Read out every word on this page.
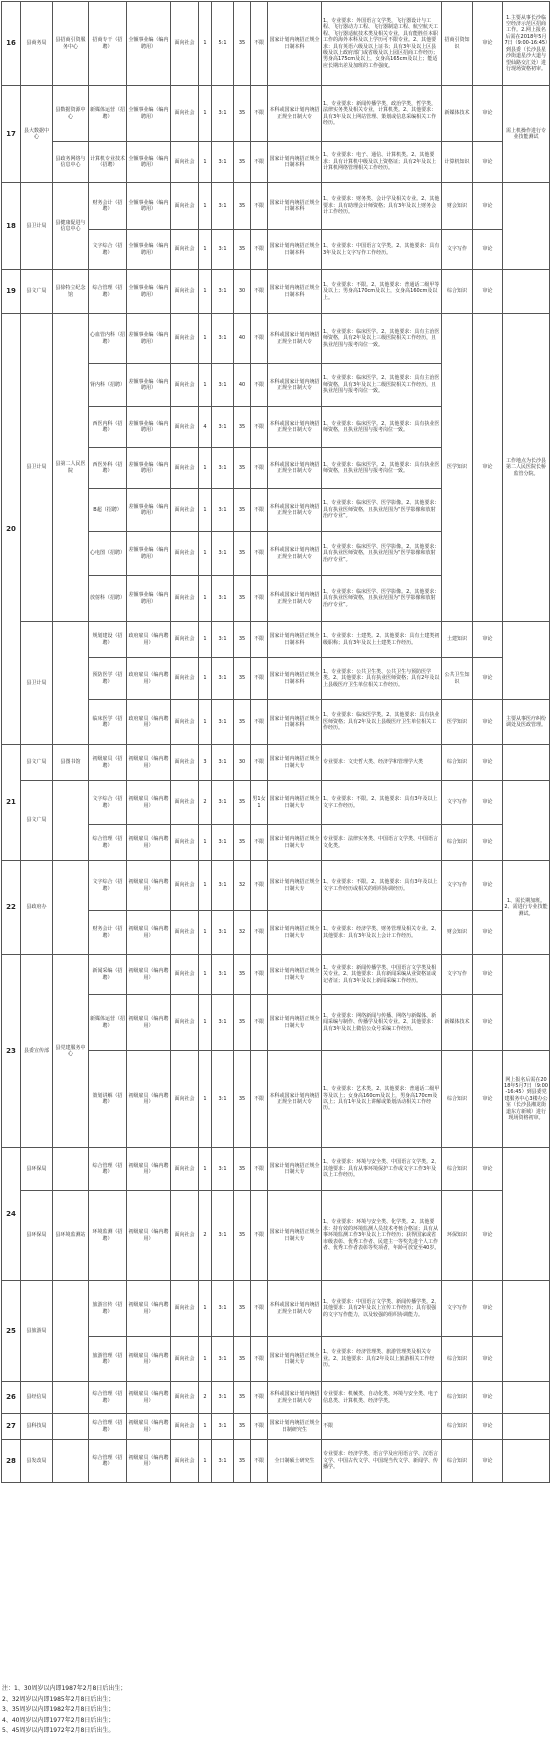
16	县商务局	县招商引资服务中心	招商专干（招聘）	全额事业编（编内聘用）	面向社会	1	5:1	35	不限	国家计划内统招正规全日制本科	1、专业要求：外国语言文学类，飞行器设计与工程、飞行器动力工程、飞行器制造工程、航空航天工程、飞行器适航技术类及相关专业，具有能胜任本职工作的海外本科及以上学历可不限专业。2、其他要求：具有英语六级及以上证书；具有3年及以上区县级及以上政府部门或省级及以上园区招商工作经历；男身高175cm及以上，女身高165cm及以上；能适应长期出差及加班的工作强度。	招商引资知识	审论	1.主要从事长沙临空经济示范区招商工作。2.网上报名后需在2018年5月7日（9:00-16:45）到县委（长沙县星沙街道星沙大道与望仙路交汇处）进行现场资格初审。
17	县大数据中心	县数据资源中心	新媒体运营（招聘）	全额事业编（编内聘用）	面向社会	1	3:1	35	不限	本科或国家计划内统招正规全日制大专	1、专业要求：新闻传播学类，政治学类，哲学类，法律实务类及相关专业，计算机类。2、其他要求：具有3年及以上网站管理、策划或信息采编相关工作经历。	新媒体技术	审论	需上机操作进行专业技能测试
		县政务网络与信息中心	计算机专业技术（招聘）	全额事业编（编内聘用）	面向社会	1	3:1	35	不限	国家计划内统招正规全日制本科	1、专业要求：电子、通信、计算机类。2、其他要求：具有计算机中级及以上资格证；具有2年及以上计算机网络管理相关工作经历。	计算机知识	审论	
18	县卫计局	县健康促进与信息中心	财务会计（招聘）	全额事业编（编内聘用）	面向社会	1	3:1	35	不限	国家计划内统招正规全日制本科	1、专业要求：财务类、会计学及相关专业。2、其他要求：具有助理会计师资格；具有3年及以上财务会计工作经历。	财会知识	审论	
			文字综合（招聘）	全额事业编（编内聘用）	面向社会	1	3:1	35	不限	国家计划内统招正规全日制本科	1、专业要求：中国语言文学类。2、其他要求：具有3年及以上文字写作工作经历。	文字写作	审论	
19	县文广局	县徐特立纪念馆	综合管理（招聘）	全额事业编（编内聘用）	面向社会	1	3:1	30	不限	国家计划内统招正规全日制本科	1、专业要求：不限。2、其他要求：普通话二级甲等及以上；男身高170cm及以上，女身高160cm及以上。	综合知识	审论	
20	县卫计局	县第二人民医院	心血管内科（招聘）	差额事业编（编内聘用）	面向社会	1	3:1	40	不限	本科或国家计划内统招正规全日制大专	1、专业要求：临床医学。2、其他要求：具有主治医师资格，具有2年及以上三级医院相关工作经历，且执业范围与报考岗位一致。	医学知识	审论	工作地点为长沙县第二人民医院长桥监管分院。
			肾内科（招聘）	差额事业编（编内聘用）	面向社会	1	3:1	40	不限	本科或国家计划内统招正规全日制大专	1、专业要求：临床医学。2、其他要求：具有主治医师资格，具有3年及以上二级医院相关工作经历，且执业范围与报考岗位一致。			
			西医内科（招聘）	差额事业编（编内聘用）	面向社会	4	3:1	35	不限	本科或国家计划内统招正规全日制大专	1、专业要求：临床医学。2、其他要求：具有执业医师资格，且执业范围与报考岗位一致。			
			西医外科（招聘）	差额事业编（编内聘用）	面向社会	1	3:1	35	不限	本科或国家计划内统招正规全日制大专	1、专业要求：临床医学。2、其他要求：具有执业医师资格，且执业范围与报考岗位一致。			
			B超（招聘）	差额事业编（编内聘用）	面向社会	1	3:1	35	不限	本科或国家计划内统招正规全日制大专	1、专业要求：临床医学、医学影像。2、其他要求：具有执业医师资格，且执业范围为“医学影像和放射治疗专业”。			
			心电图（招聘）	差额事业编（编内聘用）	面向社会	1	3:1	35	不限	本科或国家计划内统招正规全日制大专	1、专业要求：临床医学、医学影像。2、其他要求：具有执业医师资格，且执业范围为“医学影像和放射治疗专业”。			
			放射科（招聘）	差额事业编（编内聘用）	面向社会	1	3:1	35	不限	本科或国家计划内统招正规全日制大专	1、专业要求：临床医学、医学影像。2、其他要求：具有执业医师资格，且执业范围为“医学影像和放射治疗专业”。			
	县卫计局		规划建设（招聘）	政府雇员（编内聘用）	面向社会	1	3:1	35	不限	国家计划内统招正规全日制本科	1、专业要求：土建类。2、其他要求：具有土建类初级职称；具有3年及以上土建类工作经历。	土建知识	审论	
			预防医学（招聘）	政府雇员（编内聘用）	面向社会	1	3:1	35	不限	国家计划内统招正规全日制本科	1、专业要求：公共卫生类、公共卫生与预防医学类。2、其他要求：具有执业医师资格；具有2年及以上县级医疗卫生单位相关工作经历。	公共卫生知识	审论	
			临床医学（招聘）	政府雇员（编内聘用）	面向社会	1	3:1	35	不限	国家计划内统招正规全日制本科	1、专业要求：临床医学类。2、其他要求：具有执业医师资格；具有2年及以上县级医疗卫生单位相关工作经历。	医学知识	审论	主要从事医疗纠纷调处及医政管理。
21	县文广局	县图书馆	初级雇员（招聘）	初级雇员（编内聘用）	面向社会	3	3:1	30	不限	国家计划内统招正规全日制大专	专业要求：文史哲大类、经济学和管理学大类	综合知识	审论	
	县文广局		文字综合（招聘）	初级雇员（编内聘用）	面向社会	2	3:1	35	男1女1	国家计划内统招正规全日制大专	1、专业要求：不限。2、其他要求：具有3年及以上文字工作经历。	文字写作	审论	
			综合管理（招聘）	初级雇员（编内聘用）	面向社会	1	3:1	35	不限	国家计划内统招正规全日制大专	专业要求：法律实务类、中国语言文学类、中国语言文化类。	综合知识	审论	
22	县政府办		文字综合（招聘）	初级雇员（编内聘用）	面向社会	1	3:1	32	不限	国家计划内统招正规全日制大专	1、专业要求：不限。2、其他要求：具有3年及以上文字工作经历或相关的组织协调经历。	文字写作	审论	1、需长期加班。2、需进行专业技能测试。
			财务会计（招聘）	初级雇员（编内聘用）	面向社会	1	3:1	32	不限	国家计划内统招正规全日制大专	1、专业要求：经济学类、财务管理及相关专业。2、其他要求：具有3年及以上会计工作经历。	财会知识	审论	
23	县委宣传部	县党建服务中心	新闻采编（招聘）	初级雇员（编内聘用）	面向社会	1	3:1	35	不限	国家计划内统招正规全日制大专	1、专业要求：新闻传播学类、中国语言文学类及相关专业。2、其他要求：具有新闻采编从业资格证或记者证；具有3年及以上新闻采编工作经历。	文字写作	审论	
			新媒体运营（招聘）	初级雇员（编内聘用）	面向社会	1	3:1	35	不限	国家计划内统招正规全日制大专	1、专业要求：网络新闻与传播、网络与新媒体、新闻采编与制作、传播学及相关专业。2、其他要求：具有3年及以上微信公众号采编工作经历。	新媒体技术	审论	
			策划讲解（招聘）	初级雇员（编内聘用）	面向社会	1	3:1	35	不限	本科或国家计划内统招正规全日制大专	1、专业要求：艺术类。2、其他要求：普通话二级甲等及以上；女身高160cm及以上，男身高170cm及以上；具有1年及以上讲解或策划活动相关工作经历。	综合知识	审论	网上报名后需在2018年5月7日（9:00-16:45）到县委党建服务中心3楼办公室（长沙县湘龙街道东方新城）进行现场资格初审。
24	县环保局		综合管理（招聘）	初级雇员（编内聘用）	面向社会	1	3:1	35	不限	国家计划内统招正规全日制大专	1、专业要求：环境与安全类、中国语言文学类。2、其他要求：具有从事环境保护工作或文字工作3年及以上工作经历。	综合知识	审论	
	县环保局	县环境监测站	环境监测（招聘）	初级雇员（编内聘用）	面向社会	2	3:1	35	不限	国家计划内统招正规全日制大专	1、专业要求：环境与安全类、化学类。2、其他要求：持有效的环境监测人员技术考核合格证；具有从事环境监测工作3年及以上工作经历；获得国家或省市级表彰、优秀工作者、民建主一等奖先进个人工作者、优秀工作者表彰等奖项者，年龄可放宽至40岁。	环保知识	审论	
25	县旅游局		旅游宣传（招聘）	初级雇员（编内聘用）	面向社会	1	3:1	35	不限	本科或国家计划内统招正规全日制大专	1、专业要求：中国语言文学类、新闻传播学类。2、其他要求：具有2年及以上宣传工作经历；具有很强的文字写作能力，以及较强的组织协调能力。	文字写作	审论	
			旅游管理（招聘）	初级雇员（编内聘用）	面向社会	1	3:1	35	不限	国家计划内统招正规全日制大专	1、专业要求：经济管理类、旅游管理类及相关专业。2、其他要求：具有2年及以上旅游相关工作经历。	综合知识	审论	
26	县经信局		综合管理（招聘）	初级雇员（编内聘用）	面向社会	2	3:1	35	不限	本科或国家计划内统招正规全日制大专	专业要求：机械类、自动化类、环境与安全类、电子信息类、计算机类、经济学类。	综合知识	审论	
27	县科技局		综合管理（招聘）	初级雇员（编内聘用）	面向社会	1	3:1	35	不限	国家计划内统招正规全日制研究生	不限	综合知识	审论	
28	县发改局		综合管理（招聘）	初级雇员（编内聘用）	面向社会	1	3:1	35	不限	全日制硕士研究生	专业要求：经济学类、语言学及应用语言学、汉语言文学、中国古代文学、中国现当代文学、新闻学、传播学。	综合知识	审论	
注：1、30周岁以内即1987年2月8日后出生；
2、32周岁以内即1985年2月8日后出生；
3、35周岁以内即1982年2月8日后出生；
4、40周岁以内即1977年2月8日后出生；
5、45周岁以内即1972年2月8日后出生。
